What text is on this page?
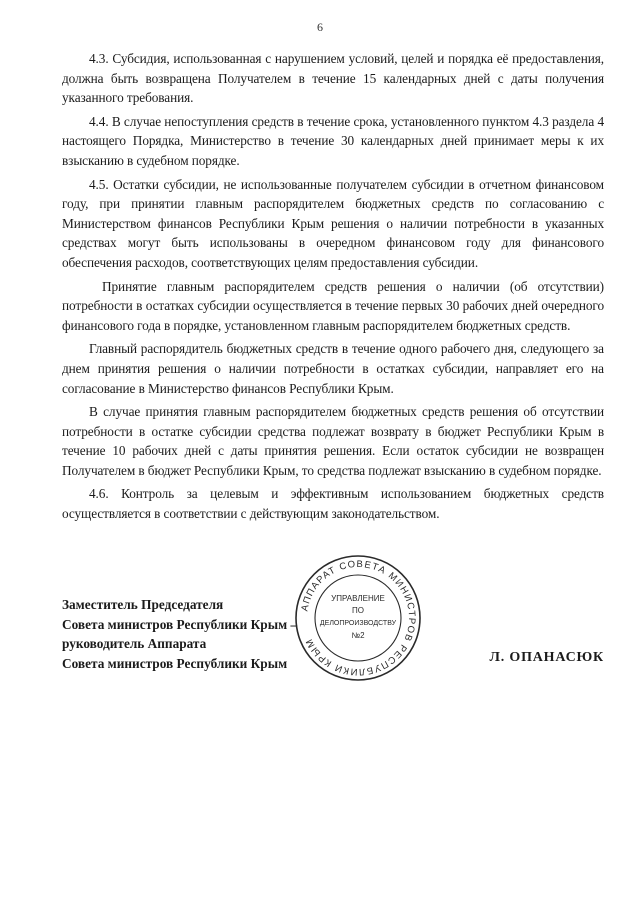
6

4.3. Субсидия, использованная с нарушением условий, целей и порядка её предоставления, должна быть возвращена Получателем в течение 15 календарных дней с даты получения указанного требования.

4.4. В случае непоступления средств в течение срока, установленного пунктом 4.3 раздела 4 настоящего Порядка, Министерство в течение 30 календарных дней принимает меры к их взысканию в судебном порядке.

4.5. Остатки субсидии, не использованные получателем субсидии в отчетном финансовом году, при принятии главным распорядителем бюджетных средств по согласованию с Министерством финансов Республики Крым решения о наличии потребности в указанных средствах могут быть использованы в очередном финансовом году для финансового обеспечения расходов, соответствующих целям предоставления субсидии.

Принятие главным распорядителем средств решения о наличии (об отсутствии) потребности в остатках субсидии осуществляется в течение первых 30 рабочих дней очередного финансового года в порядке, установленном главным распорядителем бюджетных средств.

Главный распорядитель бюджетных средств в течение одного рабочего дня, следующего за днем принятия решения о наличии потребности в остатках субсидии, направляет его на согласование в Министерство финансов Республики Крым.

В случае принятия главным распорядителем бюджетных средств решения об отсутствии потребности в остатке субсидии средства подлежат возврату в бюджет Республики Крым в течение 10 рабочих дней с даты принятия решения. Если остаток субсидии не возвращен Получателем в бюджет Республики Крым, то средства подлежат взысканию в судебном порядке.

4.6. Контроль за целевым и эффективным использованием бюджетных средств осуществляется в соответствии с действующим законодательством.

Заместитель Председателя
Совета министров Республики Крым –
руководитель Аппарата
Совета министров Республики Крым	Л. ОПАНАСЮК
АППАРАТ СОВЕТА МИНИСТРОВ РЕСПУБЛИКИ КРЫМ
УПРАВЛЕНИЕ
ПО
ДЕЛОПРОИЗВОДСТВУ
№2
